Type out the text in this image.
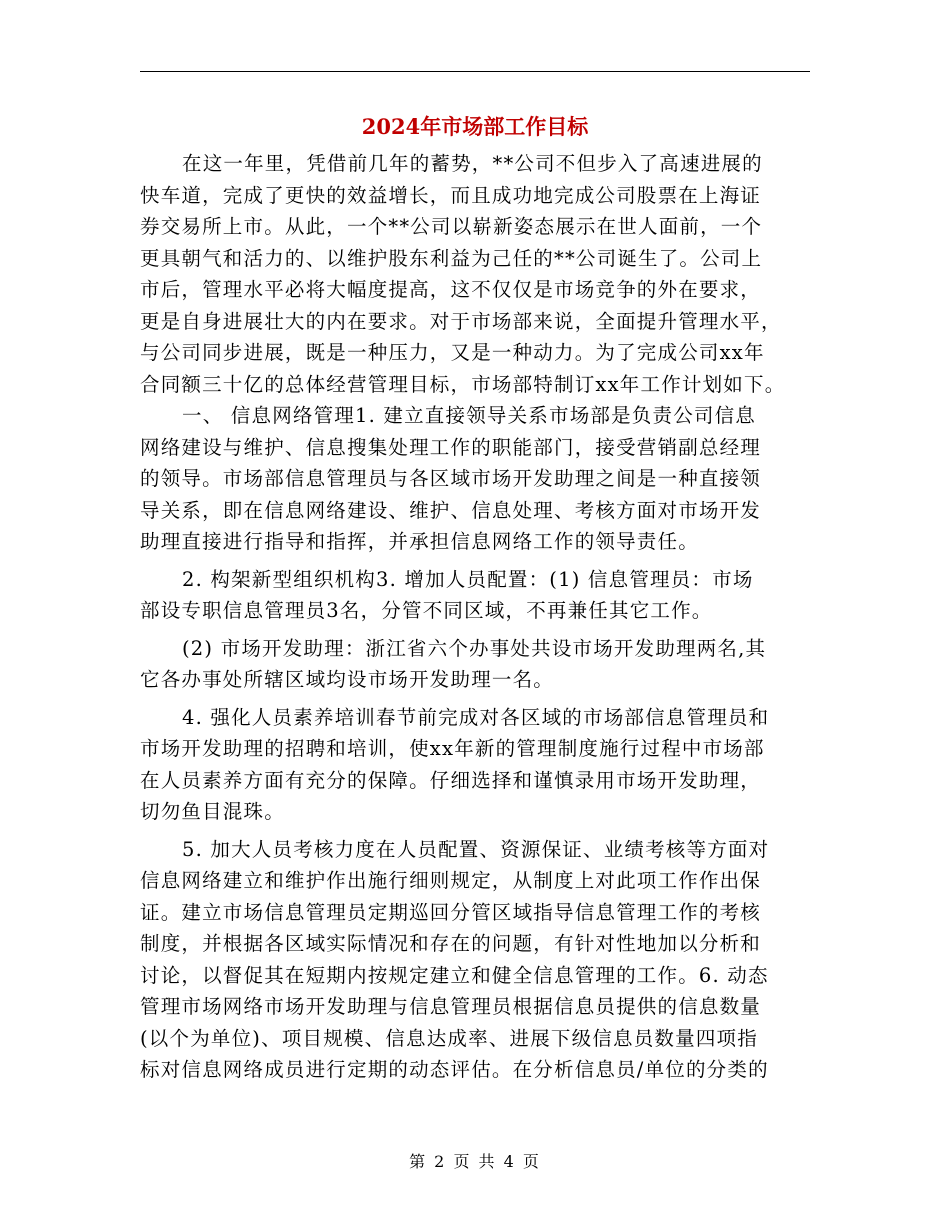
2024年市场部工作目标

在这一年里，凭借前几年的蓄势，**公司不但步入了高速进展的
快车道，完成了更快的效益增长，而且成功地完成公司股票在上海证
券交易所上市。从此，一个**公司以崭新姿态展示在世人面前，一个
更具朝气和活力的、以维护股东利益为己任的**公司诞生了。公司上
市后，管理水平必将大幅度提高，这不仅仅是市场竞争的外在要求，
更是自身进展壮大的内在要求。对于市场部来说，全面提升管理水平，
与公司同步进展，既是一种压力，又是一种动力。为了完成公司xx年
合同额三十亿的总体经营管理目标，市场部特制订xx年工作计划如下。

一、 信息网络管理1. 建立直接领导关系市场部是负责公司信息
网络建设与维护、信息搜集处理工作的职能部门，接受营销副总经理
的领导。市场部信息管理员与各区域市场开发助理之间是一种直接领
导关系，即在信息网络建设、维护、信息处理、考核方面对市场开发
助理直接进行指导和指挥，并承担信息网络工作的领导责任。

2. 构架新型组织机构3. 增加人员配置：(1) 信息管理员：市场
部设专职信息管理员3名，分管不同区域，不再兼任其它工作。

(2) 市场开发助理：浙江省六个办事处共设市场开发助理两名,其
它各办事处所辖区域均设市场开发助理一名。

4. 强化人员素养培训春节前完成对各区域的市场部信息管理员和
市场开发助理的招聘和培训，使xx年新的管理制度施行过程中市场部
在人员素养方面有充分的保障。仔细选择和谨慎录用市场开发助理，
切勿鱼目混珠。

5. 加大人员考核力度在人员配置、资源保证、业绩考核等方面对
信息网络建立和维护作出施行细则规定，从制度上对此项工作作出保
证。建立市场信息管理员定期巡回分管区域指导信息管理工作的考核
制度，并根据各区域实际情况和存在的问题，有针对性地加以分析和
讨论，以督促其在短期内按规定建立和健全信息管理的工作。6. 动态
管理市场网络市场开发助理与信息管理员根据信息员提供的信息数量
(以个为单位)、项目规模、信息达成率、进展下级信息员数量四项指
标对信息网络成员进行定期的动态评估。在分析信息员/单位的分类的

第 2 页 共 4 页
